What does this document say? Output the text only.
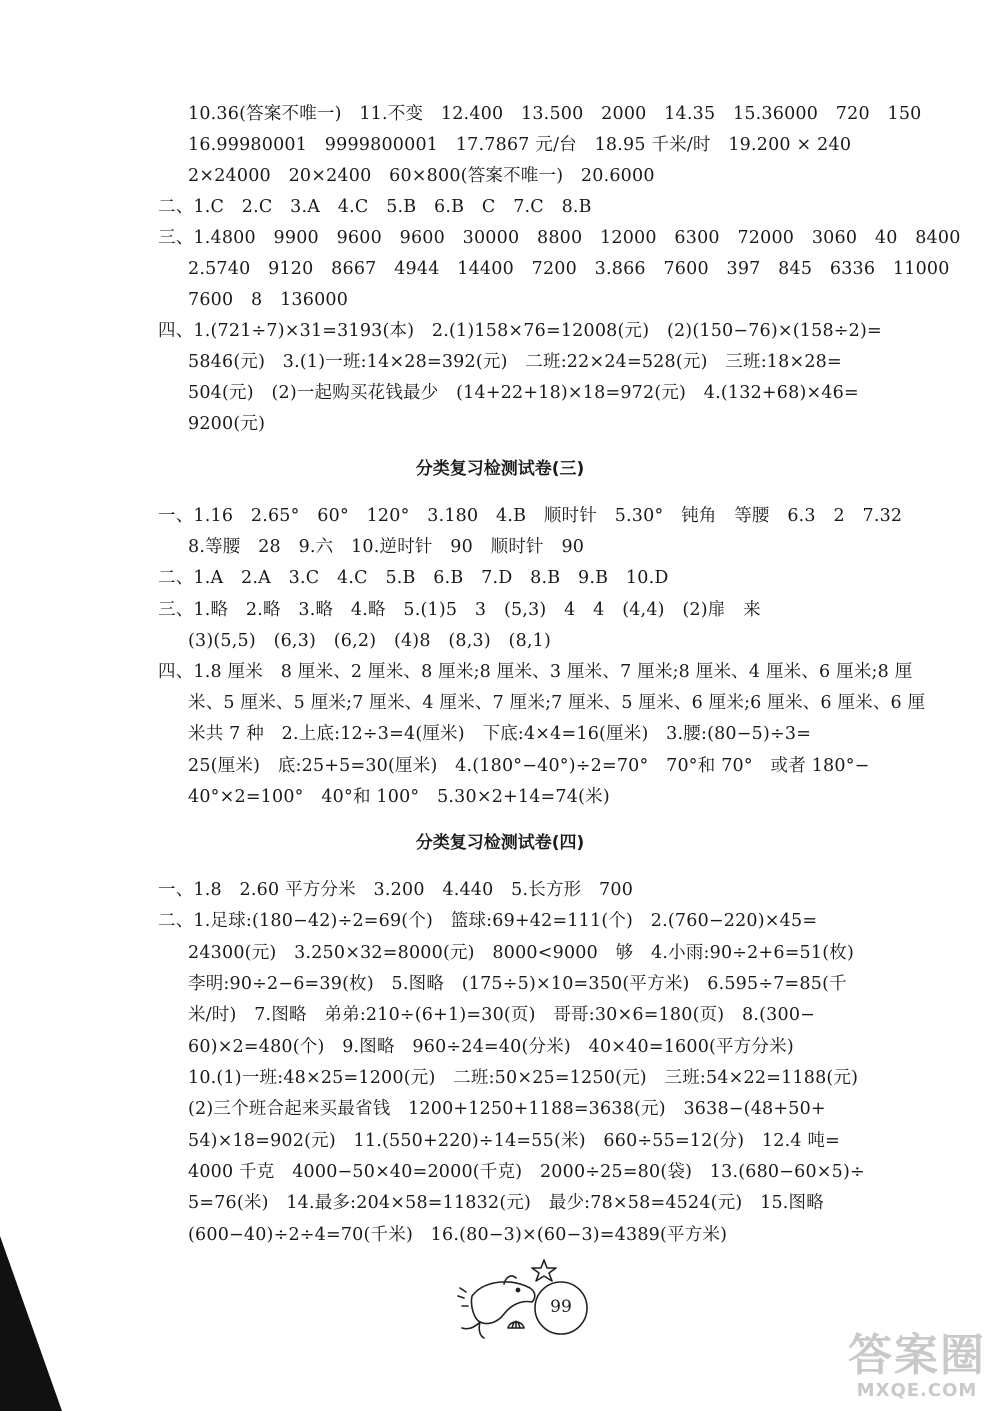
10.36(答案不唯一)　11.不变　12.400　13.500　2000　14.35　15.36000　720　150
16.99980001　9999800001　17.7867 元/台　18.95 千米/时　19.200 × 240
2×24000　20×2400　60×800(答案不唯一)　20.6000
二、1.C　2.C　3.A　4.C　5.B　6.B　C　7.C　8.B
三、1.4800　9900　9600　9600　30000　8800　12000　6300　72000　3060　40　8400
2.5740　9120　8667　4944　14400　7200　3.866　7600　397　845　6336　11000
7600　8　136000
四、1.(721÷7)×31=3193(本)　2.(1)158×76=12008(元)　(2)(150−76)×(158÷2)=
5846(元)　3.(1)一班:14×28=392(元)　二班:22×24=528(元)　三班:18×28=
504(元)　(2)一起购买花钱最少　(14+22+18)×18=972(元)　4.(132+68)×46=
9200(元)
分类复习检测试卷(三)
一、1.16　2.65°　60°　120°　3.180　4.B　顺时针　5.30°　钝角　等腰　6.3　2　7.32
8.等腰　28　9.六　10.逆时针　90　顺时针　90
二、1.A　2.A　3.C　4.C　5.B　6.B　7.D　8.B　9.B　10.D
三、1.略　2.略　3.略　4.略　5.(1)5　3　(5,3)　4　4　(4,4)　(2)扉　来
(3)(5,5)　(6,3)　(6,2)　(4)8　(8,3)　(8,1)
四、1.8 厘米　8 厘米、2 厘米、8 厘米;8 厘米、3 厘米、7 厘米;8 厘米、4 厘米、6 厘米;8 厘
米、5 厘米、5 厘米;7 厘米、4 厘米、7 厘米;7 厘米、5 厘米、6 厘米;6 厘米、6 厘米、6 厘
米共 7 种　2.上底:12÷3=4(厘米)　下底:4×4=16(厘米)　3.腰:(80−5)÷3=
25(厘米)　底:25+5=30(厘米)　4.(180°−40°)÷2=70°　70°和 70°　或者 180°−
40°×2=100°　40°和 100°　5.30×2+14=74(米)
分类复习检测试卷(四)
一、1.8　2.60 平方分米　3.200　4.440　5.长方形　700
二、1.足球:(180−42)÷2=69(个)　篮球:69+42=111(个)　2.(760−220)×45=
24300(元)　3.250×32=8000(元)　8000<9000　够　4.小雨:90÷2+6=51(枚)
李明:90÷2−6=39(枚)　5.图略　(175÷5)×10=350(平方米)　6.595÷7=85(千
米/时)　7.图略　弟弟:210÷(6+1)=30(页)　哥哥:30×6=180(页)　8.(300−
60)×2=480(个)　9.图略　960÷24=40(分米)　40×40=1600(平方分米)
10.(1)一班:48×25=1200(元)　二班:50×25=1250(元)　三班:54×22=1188(元)
(2)三个班合起来买最省钱　1200+1250+1188=3638(元)　3638−(48+50+
54)×18=902(元)　11.(550+220)÷14=55(米)　660÷55=12(分)　12.4 吨=
4000 千克　4000−50×40=2000(千克)　2000÷25=80(袋)　13.(680−60×5)÷
5=76(米)　14.最多:204×58=11832(元)　最少:78×58=4524(元)　15.图略
(600−40)÷2÷4=70(千米)　16.(80−3)×(60−3)=4389(平方米)
99
答案圈
MXQE.COM
